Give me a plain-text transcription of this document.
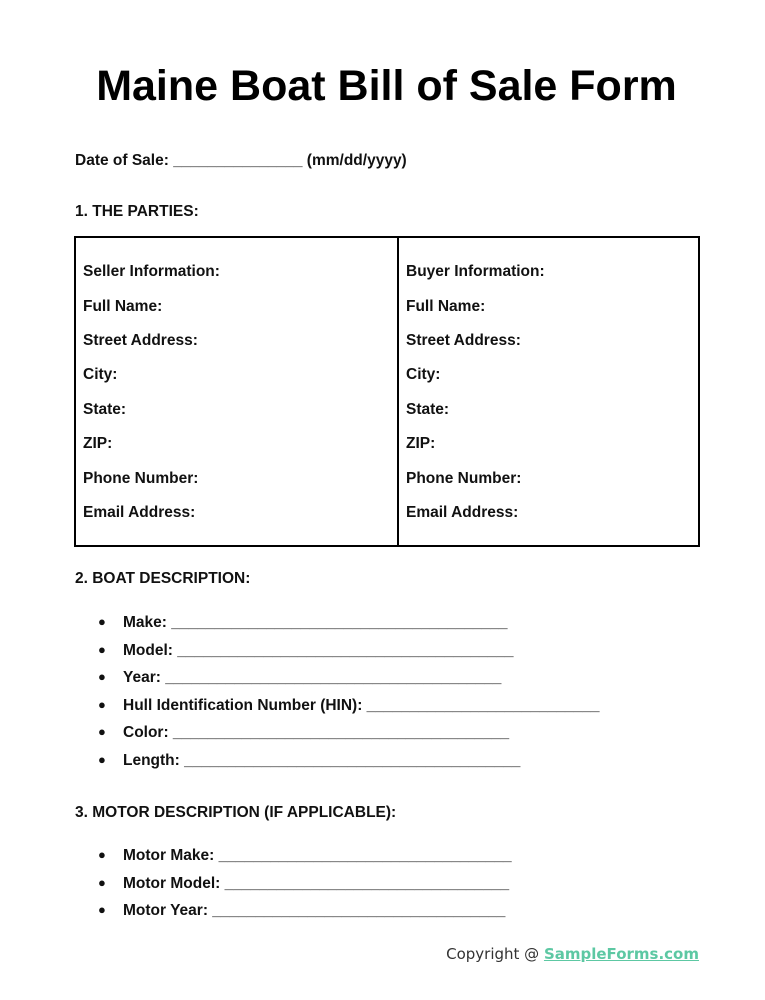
Maine Boat Bill of Sale Form
Date of Sale: _______________ (mm/dd/yyyy)
1. THE PARTIES:
Seller Information:
Full Name:
Street Address:
City:
State:
ZIP:
Phone Number:
Email Address:
Buyer Information:
Full Name:
Street Address:
City:
State:
ZIP:
Phone Number:
Email Address:
2. BOAT DESCRIPTION:
● Make: _______________________________________
● Model: _______________________________________
● Year: _______________________________________
● Hull Identification Number (HIN): ___________________________
● Color: _______________________________________
● Length: _______________________________________
3. MOTOR DESCRIPTION (IF APPLICABLE):
● Motor Make: __________________________________
● Motor Model: _________________________________
● Motor Year: __________________________________
Copyright @ SampleForms.com
